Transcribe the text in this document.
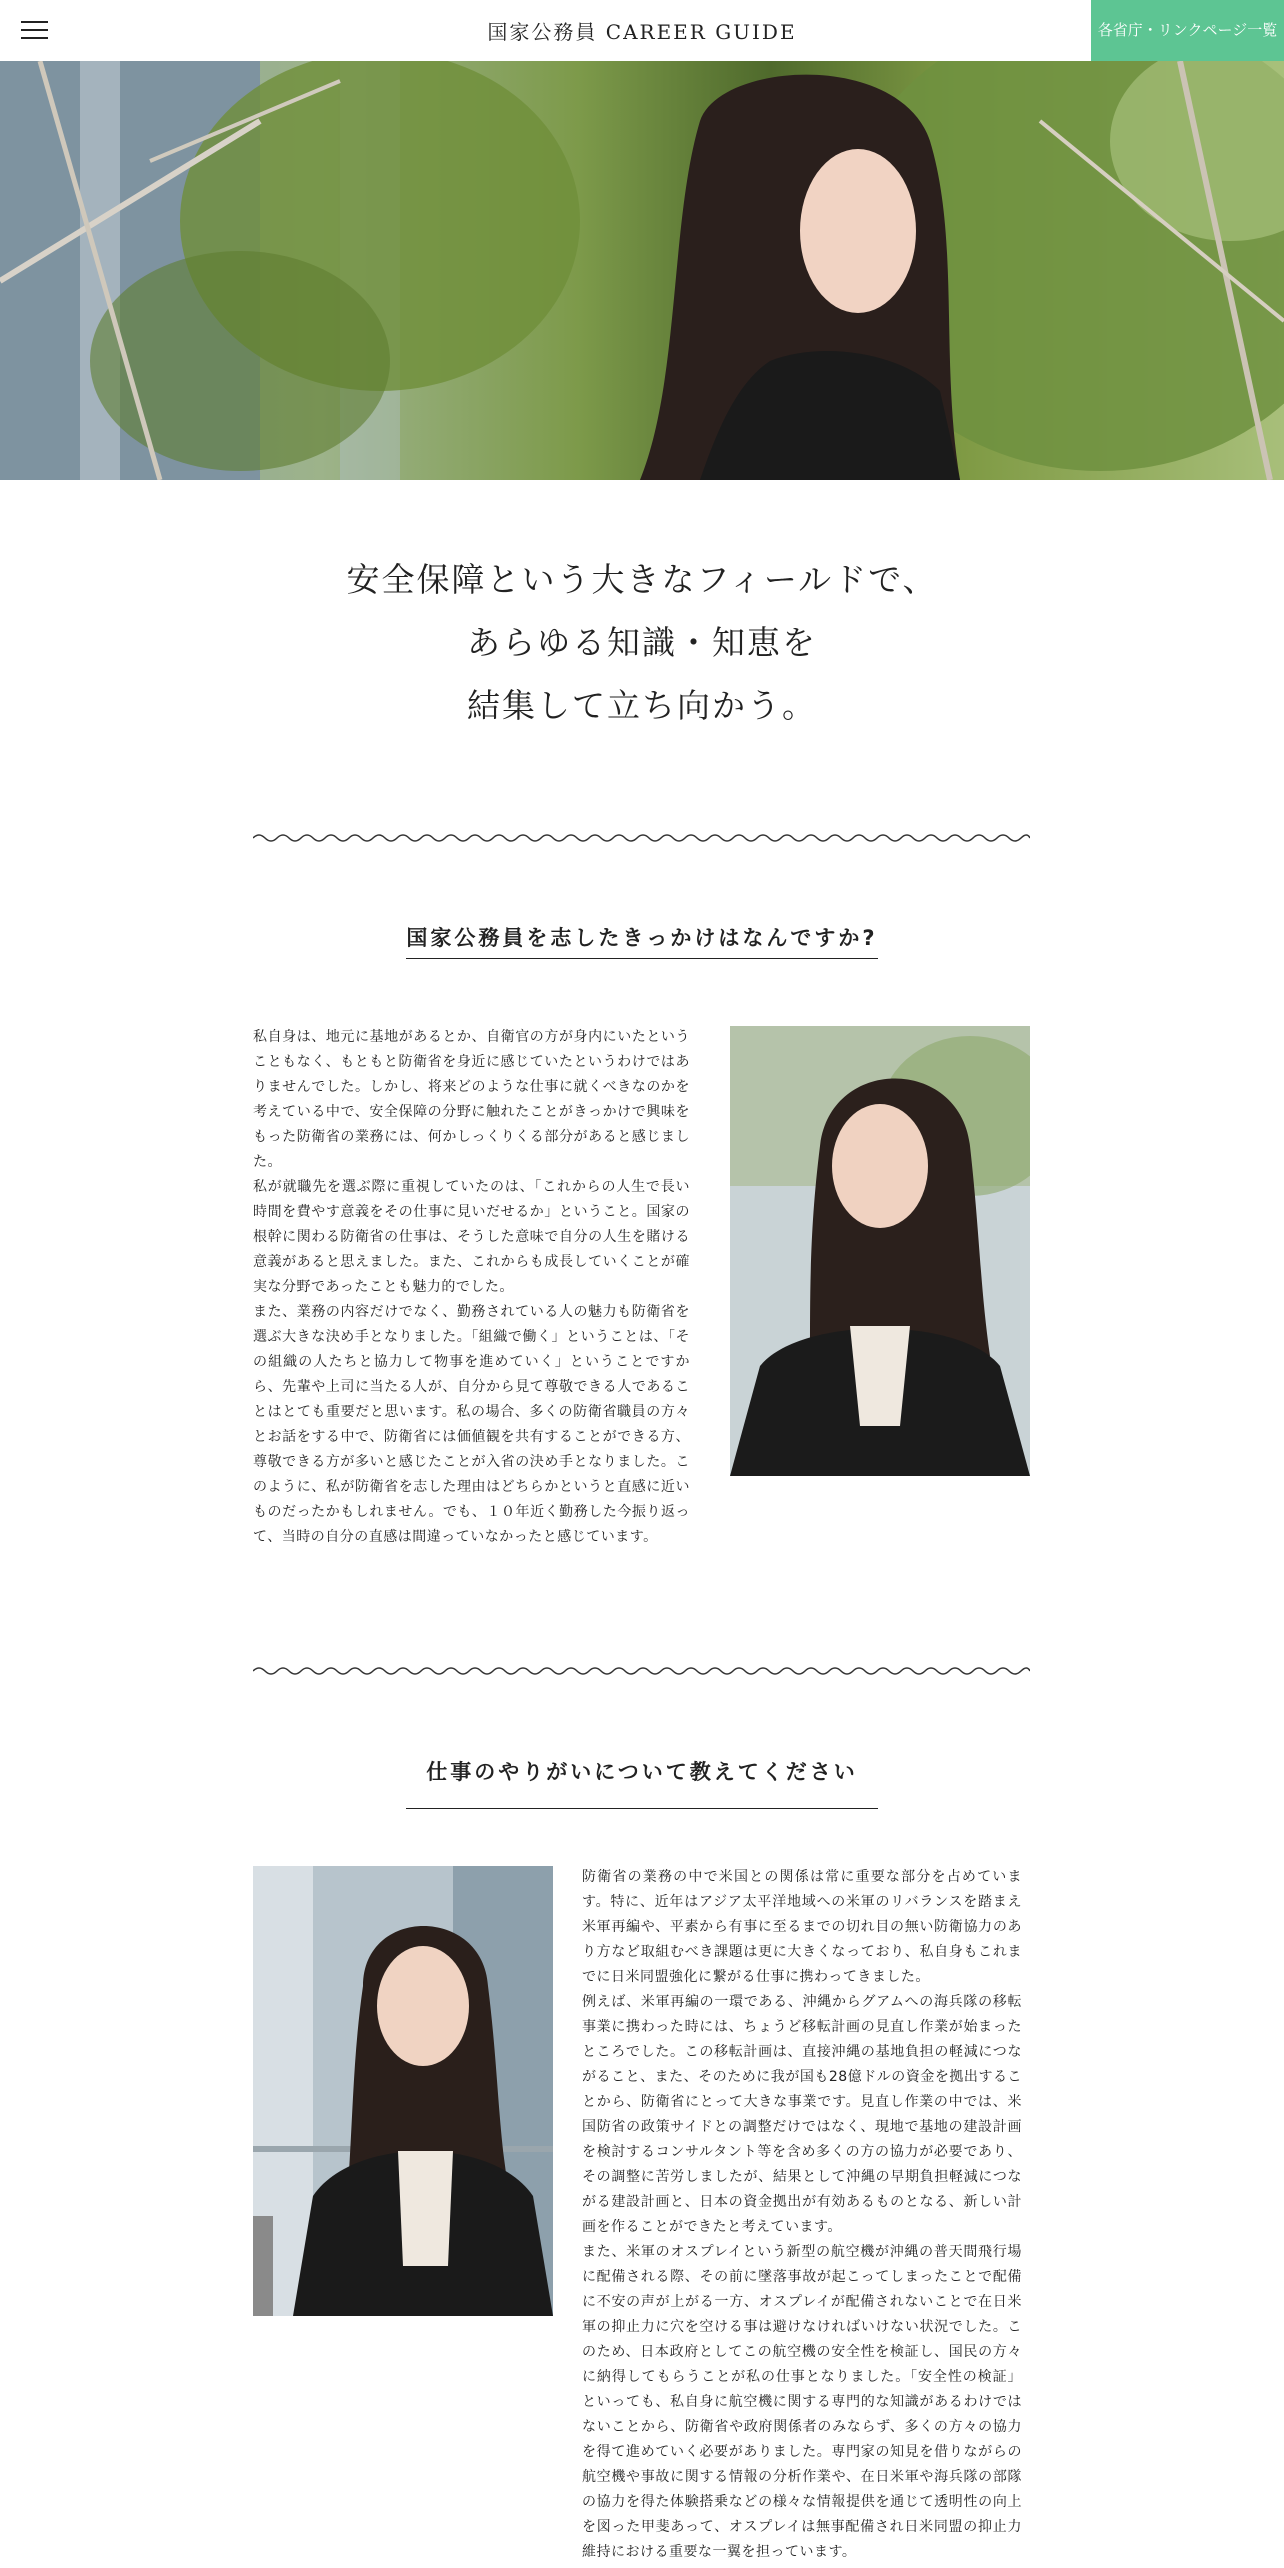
国家公務員 CAREER GUIDE	各省庁・リンクページ一覧
安全保障という大きなフィールドで、
あらゆる知識・知恵を
結集して立ち向かう。
国家公務員を志したきっかけはなんですか?

私自身は、地元に基地があるとか、自衛官の方が身内にいたということもなく、もともと防衛省を身近に感じていたというわけではありませんでした。しかし、将来どのような仕事に就くべきなのかを考えている中で、安全保障の分野に触れたことがきっかけで興味をもった防衛省の業務には、何かしっくりくる部分があると感じました。

私が就職先を選ぶ際に重視していたのは、「これからの人生で長い時間を費やす意義をその仕事に見いだせるか」ということ。国家の根幹に関わる防衛省の仕事は、そうした意味で自分の人生を賭ける意義があると思えました。また、これからも成長していくことが確実な分野であったことも魅力的でした。

また、業務の内容だけでなく、勤務されている人の魅力も防衛省を選ぶ大きな決め手となりました。「組織で働く」ということは、「その組織の人たちと協力して物事を進めていく」ということですから、先輩や上司に当たる人が、自分から見て尊敬できる人であることはとても重要だと思います。私の場合、多くの防衛省職員の方々とお話をする中で、防衛省には価値観を共有することができる方、尊敬できる方が多いと感じたことが入省の決め手となりました。このように、私が防衛省を志した理由はどちらかというと直感に近いものだったかもしれません。でも、１０年近く勤務した今振り返って、当時の自分の直感は間違っていなかったと感じています。

仕事のやりがいについて教えてください

防衛省の業務の中で米国との関係は常に重要な部分を占めています。特に、近年はアジア太平洋地域への米軍のリバランスを踏まえ米軍再編や、平素から有事に至るまでの切れ目の無い防衛協力のあり方など取組むべき課題は更に大きくなっており、私自身もこれまでに日米同盟強化に繋がる仕事に携わってきました。

例えば、米軍再編の一環である、沖縄からグアムへの海兵隊の移転事業に携わった時には、ちょうど移転計画の見直し作業が始まったところでした。この移転計画は、直接沖縄の基地負担の軽減につながること、また、そのために我が国も28億ドルの資金を拠出することから、防衛省にとって大きな事業です。見直し作業の中では、米国防省の政策サイドとの調整だけではなく、現地で基地の建設計画を検討するコンサルタント等を含め多くの方の協力が必要であり、その調整に苦労しましたが、結果として沖縄の早期負担軽減につながる建設計画と、日本の資金拠出が有効あるものとなる、新しい計画を作ることができたと考えています。

また、米軍のオスプレイという新型の航空機が沖縄の普天間飛行場に配備される際、その前に墜落事故が起こってしまったことで配備に不安の声が上がる一方、オスプレイが配備されないことで在日米軍の抑止力に穴を空ける事は避けなければいけない状況でした。このため、日本政府としてこの航空機の安全性を検証し、国民の方々に納得してもらうことが私の仕事となりました。「安全性の検証」といっても、私自身に航空機に関する専門的な知識があるわけではないことから、防衛省や政府関係者のみならず、多くの方々の協力を得て進めていく必要がありました。専門家の知見を借りながらの航空機や事故に関する情報の分析作業や、在日米軍や海兵隊の部隊の協力を得た体験搭乗などの様々な情報提供を通じて透明性の向上を図った甲斐あって、オスプレイは無事配備され日米同盟の抑止力維持における重要な一翼を担っています。
